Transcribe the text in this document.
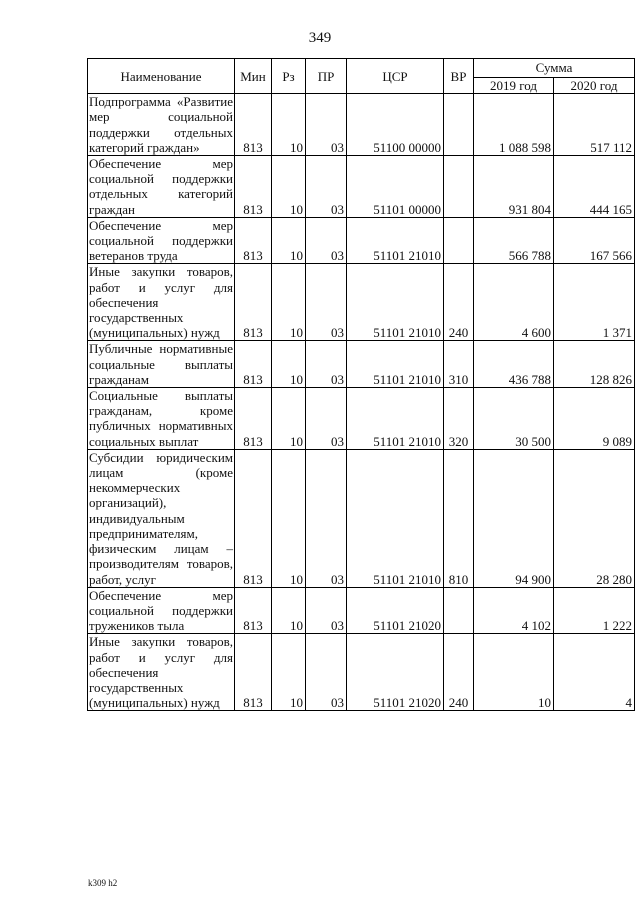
349
Наименование	Мин	Рз	ПР	ЦСР	ВР	Сумма	
						2019 год	2020 год
Подпрограмма «Развитие мер социальной поддержки отдельных категорий граждан»	813	10	03	51100 00000		1 088 598	517 112
Обеспечение мер социальной поддержки отдельных категорий граждан	813	10	03	51101 00000		931 804	444 165
Обеспечение мер социальной поддержки ветеранов труда	813	10	03	51101 21010		566 788	167 566
Иные закупки товаров, работ и услуг для обеспечения государственных (муниципальных) нужд	813	10	03	51101 21010	240	4 600	1 371
Публичные нормативные социальные выплаты гражданам	813	10	03	51101 21010	310	436 788	128 826
Социальные выплаты гражданам, кроме публичных нормативных социальных выплат	813	10	03	51101 21010	320	30 500	9 089
Субсидии юридическим лицам (кроме некоммерческих организаций), индивидуальным предпринимателям, физическим лицам – производителям товаров, работ, услуг	813	10	03	51101 21010	810	94 900	28 280
Обеспечение мер социальной поддержки тружеников тыла	813	10	03	51101 21020		4 102	1 222
Иные закупки товаров, работ и услуг для обеспечения государственных (муниципальных) нужд	813	10	03	51101 21020	240	10	4
k309 h2
